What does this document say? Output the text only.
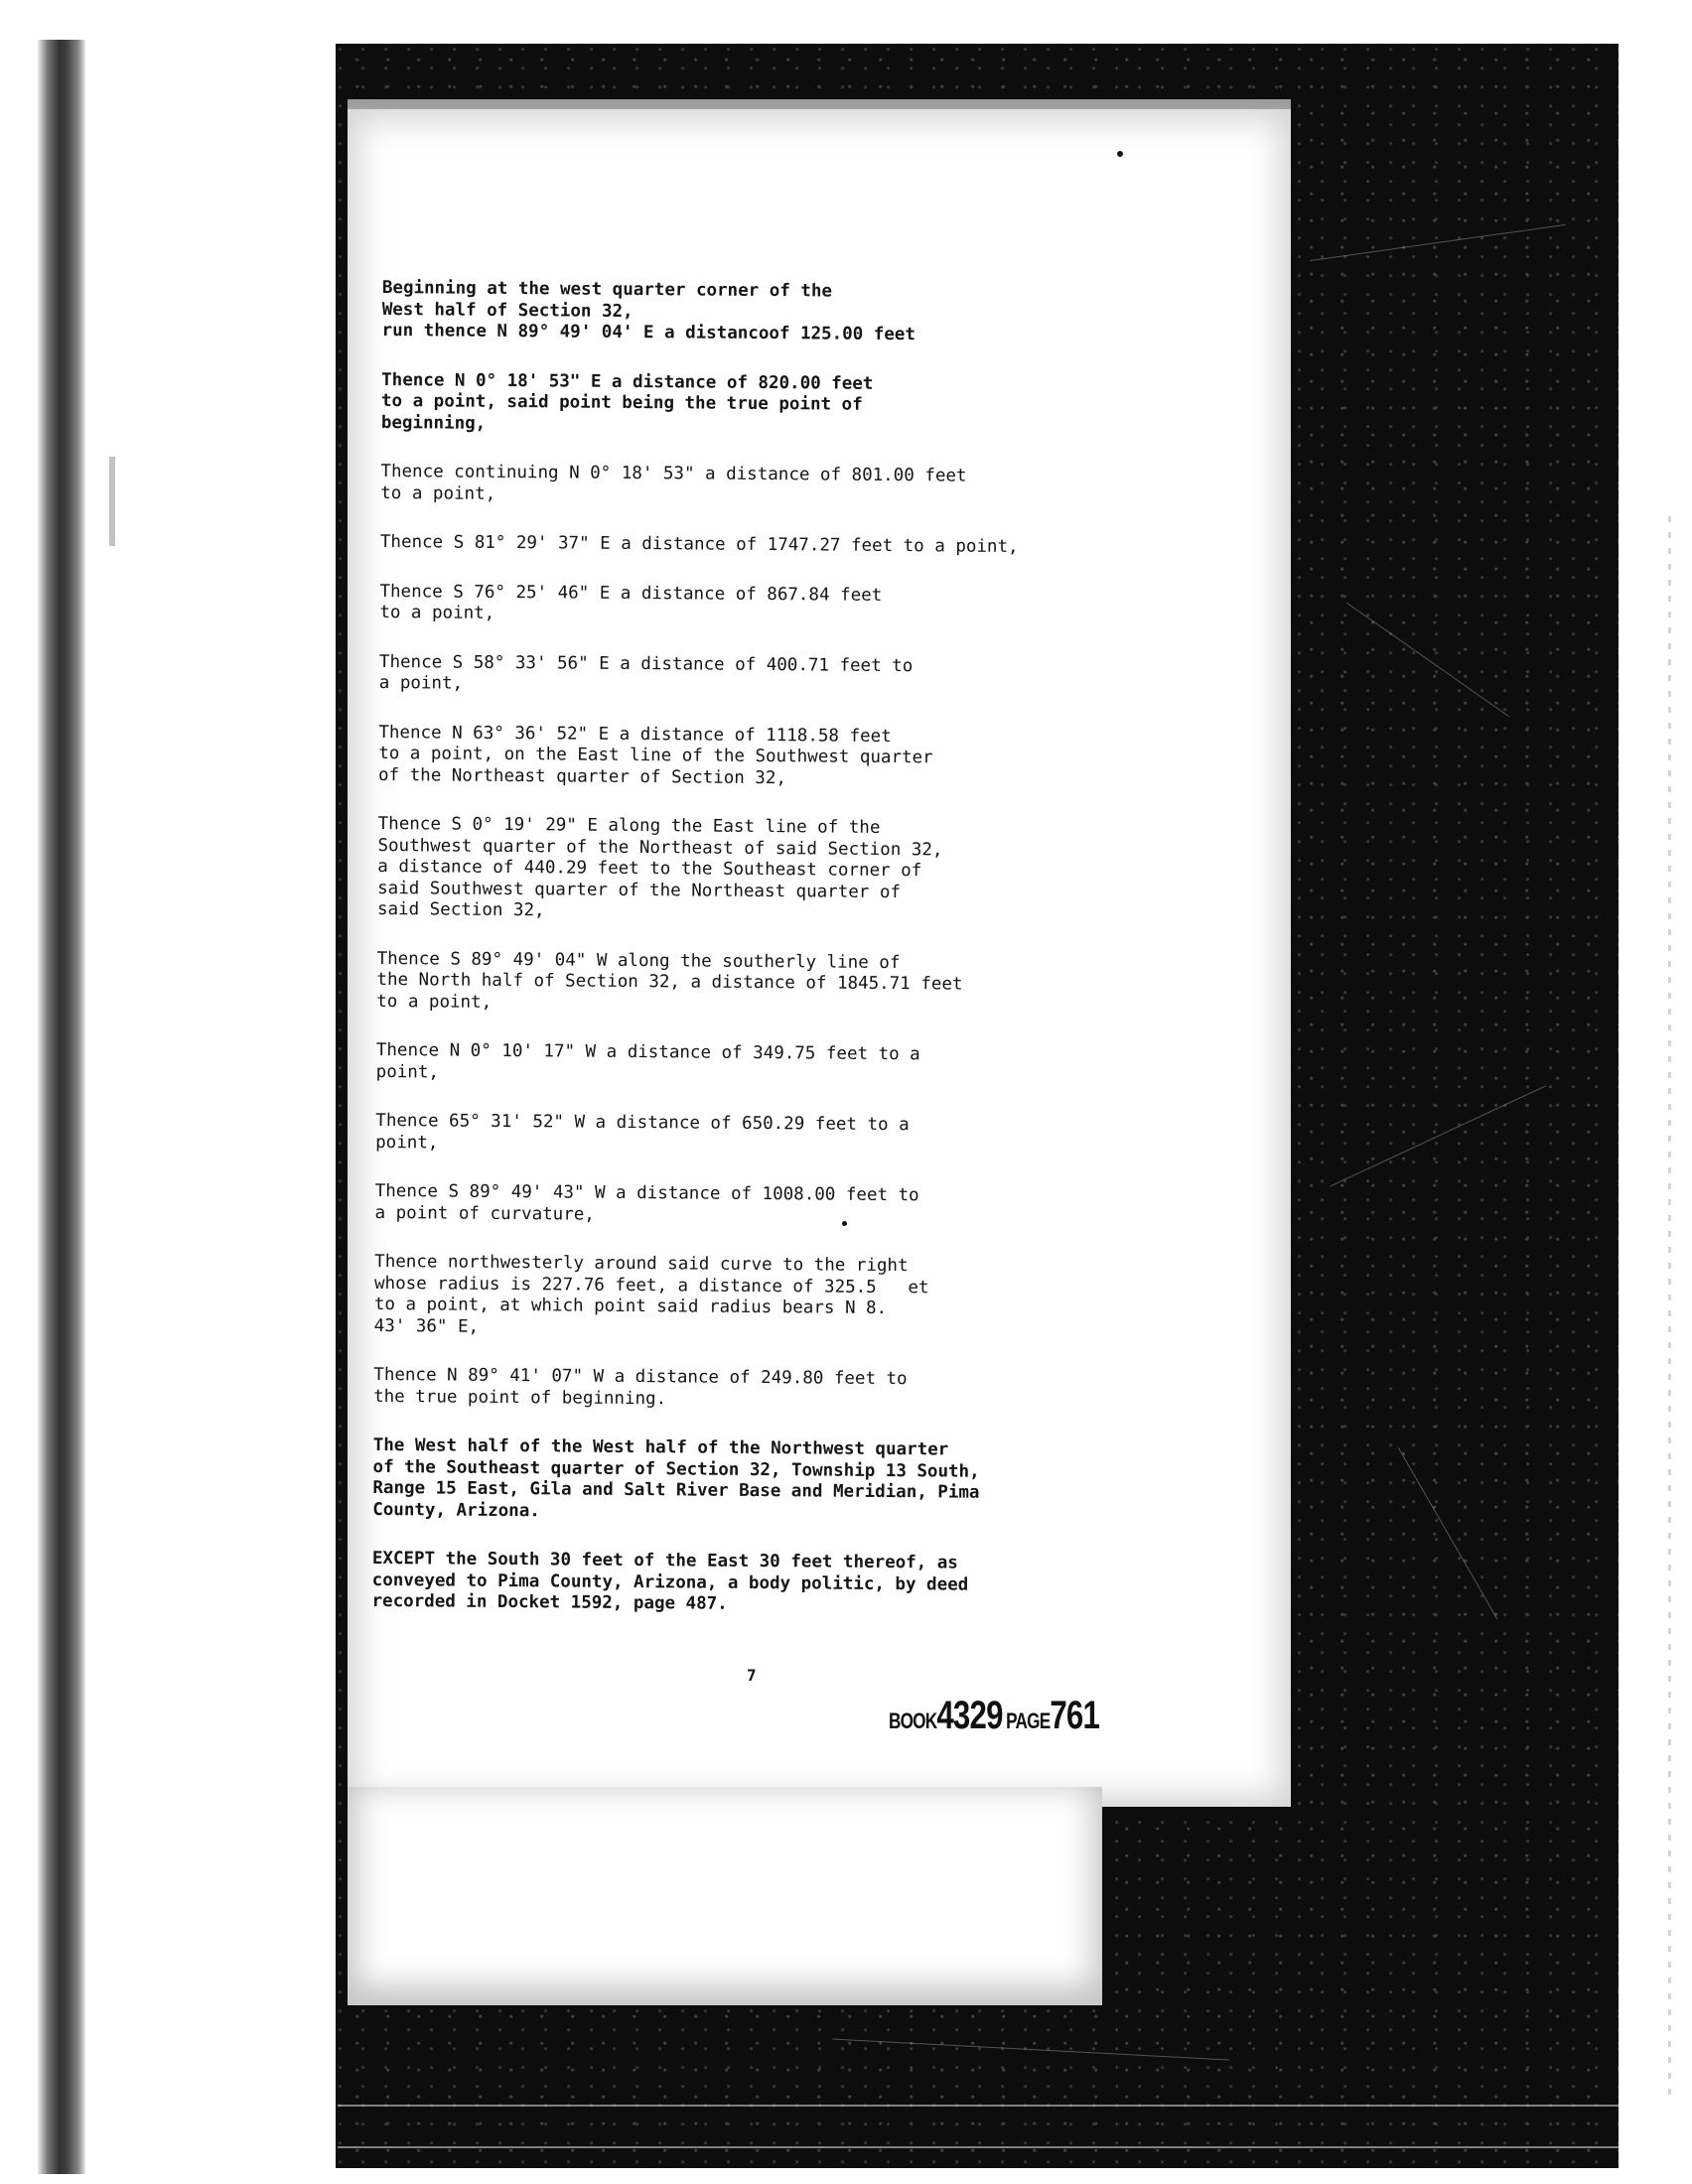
Beginning at the west quarter corner of the
West half of Section 32,
run thence N 89° 49' 04' E a distancoof 125.00 feet
Thence N 0° 18' 53" E a distance of 820.00 feet
to a point, said point being the true point of
beginning,
Thence continuing N 0° 18' 53" a distance of 801.00 feet
to a point,
Thence S 81° 29' 37" E a distance of 1747.27 feet to a point,
Thence S 76° 25' 46" E a distance of 867.84 feet
to a point,
Thence S 58° 33' 56" E a distance of 400.71 feet to
a point,
Thence N 63° 36' 52" E a distance of 1118.58 feet
to a point, on the East line of the Southwest quarter
of the Northeast quarter of Section 32,
Thence S 0° 19' 29" E along the East line of the
Southwest quarter of the Northeast of said Section 32,
a distance of 440.29 feet to the Southeast corner of
said Southwest quarter of the Northeast quarter of
said Section 32,
Thence S 89° 49' 04" W along the southerly line of
the North half of Section 32, a distance of 1845.71 feet
to a point,
Thence N 0° 10' 17" W a distance of 349.75 feet to a
point,
Thence 65° 31' 52" W a distance of 650.29 feet to a
point,
Thence S 89° 49' 43" W a distance of 1008.00 feet to
a point of curvature,
Thence northwesterly around said curve to the right
whose radius is 227.76 feet, a distance of 325.5   et
to a point, at which point said radius bears N 8.
43' 36" E,
Thence N 89° 41' 07" W a distance of 249.80 feet to
the true point of beginning.
The West half of the West half of the Northwest quarter
of the Southeast quarter of Section 32, Township 13 South,
Range 15 East, Gila and Salt River Base and Meridian, Pima
County, Arizona.
EXCEPT the South 30 feet of the East 30 feet thereof, as
conveyed to Pima County, Arizona, a body politic, by deed
recorded in Docket 1592, page 487.
7
BOOK4329 PAGE761
